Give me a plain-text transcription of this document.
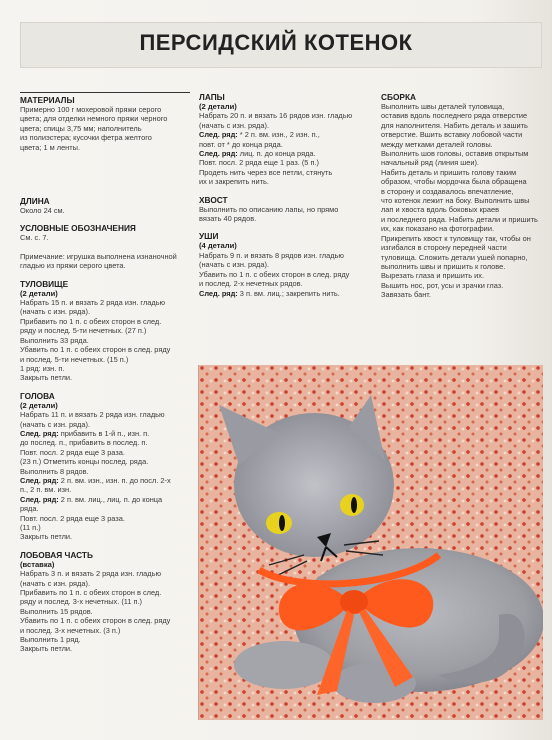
ПЕРСИДСКИЙ КОТЕНОК
МАТЕРИАЛЫ
Примерно 100 г мохеровой пряжи серого
цвета; для отделки немного пряжи черного
цвета; спицы 3,75 мм; наполнитель
из полиэстера; кусочки фетра желтого
цвета; 1 м ленты.
ДЛИНА
Около 24 см.
УСЛОВНЫЕ ОБОЗНАЧЕНИЯ
См. с. 7.
Примечание: игрушка выполнена изнаночной
гладью из пряжи серого цвета.
ТУЛОВИЩЕ
(2 детали)
Набрать 15 п. и вязать 2 ряда изн. гладью
(начать с изн. ряда).
Прибавить по 1 п. с обеих сторон в след.
ряду и послед. 5-ти нечетных. (27 п.)
Выполнить 33 ряда.
Убавить по 1 п. с обеих сторон в след. ряду
и послед. 5-ти нечетных. (15 п.)
1 ряд: изн. п.
Закрыть петли.
ГОЛОВА
(2 детали)
Набрать 11 п. и вязать 2 ряда изн. гладью
(начать с изн. ряда).
След. ряд: прибавить в 1-й п., изн. п.
до послед. п., прибавить в послед. п.
Повт. посл. 2 ряда еще 3 раза.
(23 п.) Отметить концы послед. ряда.
Выполнить 8 рядов.
След. ряд: 2 п. вм. изн., изн. п. до посл. 2-х
п., 2 п. вм. изн.
След. ряд: 2 п. вм. лиц., лиц. п. до конца
ряда.
Повт. посл. 2 ряда еще 3 раза.
(11 п.)
Закрыть петли.
ЛОБОВАЯ ЧАСТЬ
(вставка)
Набрать 3 п. и вязать 2 ряда изн. гладью
(начать с изн. ряда).
Прибавить по 1 п. с обеих сторон в след.
ряду и послед. 3-х нечетных. (11 п.)
Выполнить 15 рядов.
Убавить по 1 п. с обеих сторон в след. ряду
и послед. 3-х нечетных. (3 п.)
Выполнить 1 ряд.
Закрыть петли.
ЛАПЫ
(2 детали)
Набрать 20 п. и вязать 16 рядов изн. гладью
(начать с изн. ряда).
След. ряд: * 2 п. вм. изн., 2 изн. п.,
повт. от * до конца ряда.
След. ряд: лиц. п. до конца ряда.
Повт. посл. 2 ряда еще 1 раз. (5 п.)
Продеть нить через все петли, стянуть
их и закрепить нить.
ХВОСТ
Выполнить по описанию лапы, но прямо
вязать 40 рядов.
УШИ
(4 детали)
Набрать 9 п. и вязать 8 рядов изн. гладью
(начать с изн. ряда).
Убавить по 1 п. с обеих сторон в след. ряду
и послед. 2-х нечетных рядов.
След. ряд: 3 п. вм. лиц.; закрепить нить.
СБОРКА
Выполнить швы деталей туловища,
оставив вдоль последнего ряда отверстие
для наполнителя. Набить деталь и зашить
отверстие. Вшить вставку лобовой части
между метками деталей головы.
Выполнить шов головы, оставив открытым
начальный ряд (линия шеи).
Набить деталь и пришить голову таким
образом, чтобы мордочка была обращена
в сторону и создавалось впечатление,
что котенок лежит на боку. Выполнить швы
лап и хвоста вдоль боковых краев
и последнего ряда. Набить детали и пришить
их, как показано на фотографии.
Прикрепить хвост к туловищу так, чтобы он
изгибался в сторону передней части
туловища. Сложить детали ушей попарно,
выполнить швы и пришить к голове.
Вырезать глаза и пришить их.
Вышить нос, рот, усы и зрачки глаз.
Завязать бант.
